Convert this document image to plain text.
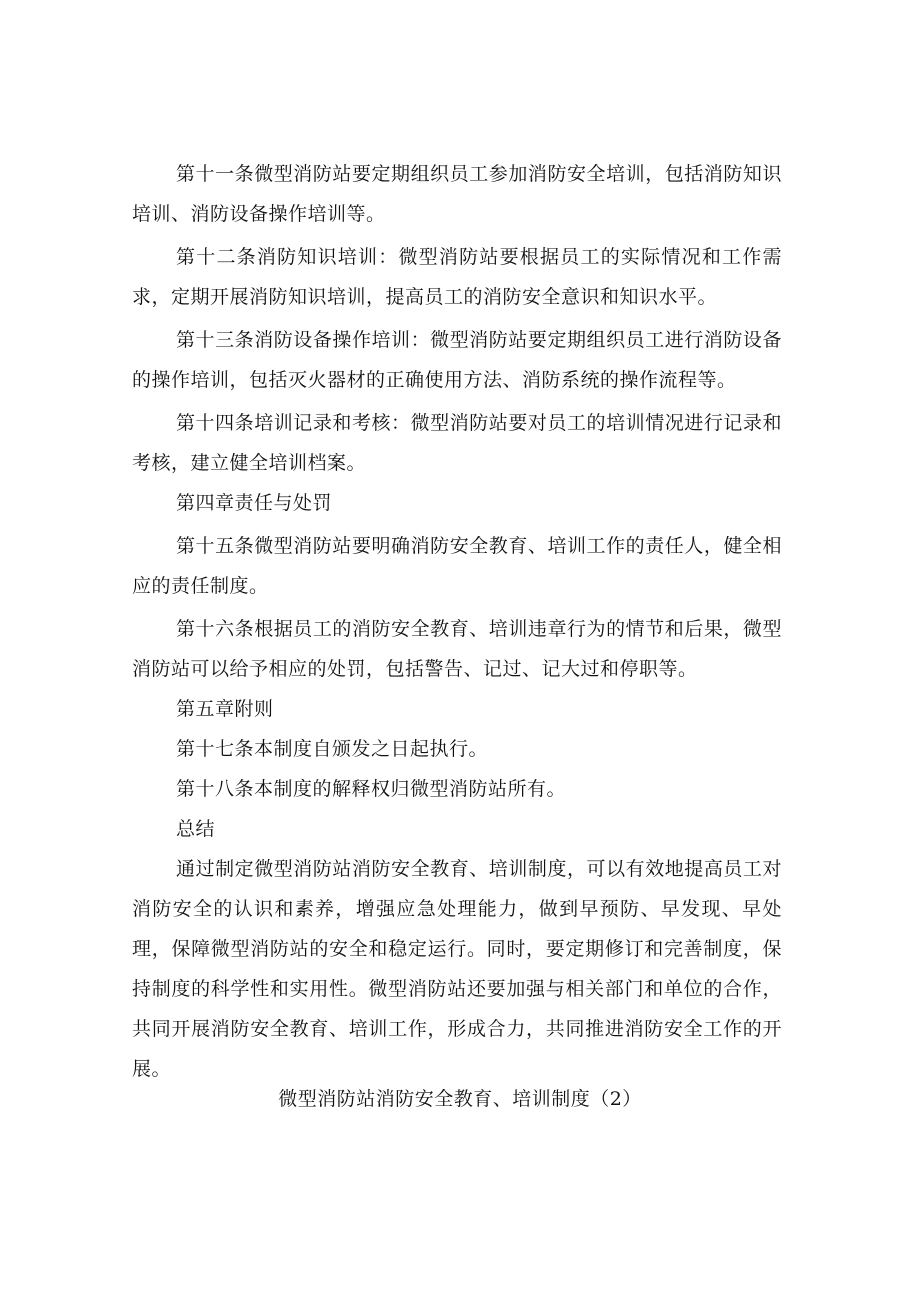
第十一条微型消防站要定期组织员工参加消防安全培训，包括消防知识培训、消防设备操作培训等。

第十二条消防知识培训：微型消防站要根据员工的实际情况和工作需求，定期开展消防知识培训，提高员工的消防安全意识和知识水平。

第十三条消防设备操作培训：微型消防站要定期组织员工进行消防设备的操作培训，包括灭火器材的正确使用方法、消防系统的操作流程等。

第十四条培训记录和考核：微型消防站要对员工的培训情况进行记录和考核，建立健全培训档案。

第四章责任与处罚

第十五条微型消防站要明确消防安全教育、培训工作的责任人，健全相应的责任制度。

第十六条根据员工的消防安全教育、培训违章行为的情节和后果，微型消防站可以给予相应的处罚，包括警告、记过、记大过和停职等。

第五章附则

第十七条本制度自颁发之日起执行。

第十八条本制度的解释权归微型消防站所有。

总结

通过制定微型消防站消防安全教育、培训制度，可以有效地提高员工对消防安全的认识和素养，增强应急处理能力，做到早预防、早发现、早处理，保障微型消防站的安全和稳定运行。同时，要定期修订和完善制度，保持制度的科学性和实用性。微型消防站还要加强与相关部门和单位的合作，共同开展消防安全教育、培训工作，形成合力，共同推进消防安全工作的开展。

微型消防站消防安全教育、培训制度（2）
